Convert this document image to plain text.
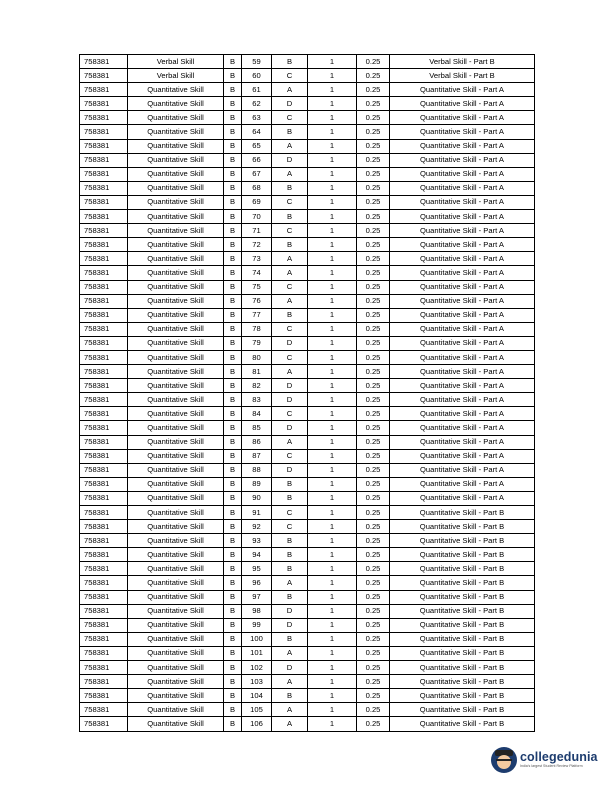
758381	Verbal Skill	B	59	B	1	0.25	Verbal Skill - Part B
758381	Verbal Skill	B	60	C	1	0.25	Verbal Skill - Part B
758381	Quantitative Skill	B	61	A	1	0.25	Quantitative Skill - Part A
758381	Quantitative Skill	B	62	D	1	0.25	Quantitative Skill - Part A
758381	Quantitative Skill	B	63	C	1	0.25	Quantitative Skill - Part A
758381	Quantitative Skill	B	64	B	1	0.25	Quantitative Skill - Part A
758381	Quantitative Skill	B	65	A	1	0.25	Quantitative Skill - Part A
758381	Quantitative Skill	B	66	D	1	0.25	Quantitative Skill - Part A
758381	Quantitative Skill	B	67	A	1	0.25	Quantitative Skill - Part A
758381	Quantitative Skill	B	68	B	1	0.25	Quantitative Skill - Part A
758381	Quantitative Skill	B	69	C	1	0.25	Quantitative Skill - Part A
758381	Quantitative Skill	B	70	B	1	0.25	Quantitative Skill - Part A
758381	Quantitative Skill	B	71	C	1	0.25	Quantitative Skill - Part A
758381	Quantitative Skill	B	72	B	1	0.25	Quantitative Skill - Part A
758381	Quantitative Skill	B	73	A	1	0.25	Quantitative Skill - Part A
758381	Quantitative Skill	B	74	A	1	0.25	Quantitative Skill - Part A
758381	Quantitative Skill	B	75	C	1	0.25	Quantitative Skill - Part A
758381	Quantitative Skill	B	76	A	1	0.25	Quantitative Skill - Part A
758381	Quantitative Skill	B	77	B	1	0.25	Quantitative Skill - Part A
758381	Quantitative Skill	B	78	C	1	0.25	Quantitative Skill - Part A
758381	Quantitative Skill	B	79	D	1	0.25	Quantitative Skill - Part A
758381	Quantitative Skill	B	80	C	1	0.25	Quantitative Skill - Part A
758381	Quantitative Skill	B	81	A	1	0.25	Quantitative Skill - Part A
758381	Quantitative Skill	B	82	D	1	0.25	Quantitative Skill - Part A
758381	Quantitative Skill	B	83	D	1	0.25	Quantitative Skill - Part A
758381	Quantitative Skill	B	84	C	1	0.25	Quantitative Skill - Part A
758381	Quantitative Skill	B	85	D	1	0.25	Quantitative Skill - Part A
758381	Quantitative Skill	B	86	A	1	0.25	Quantitative Skill - Part A
758381	Quantitative Skill	B	87	C	1	0.25	Quantitative Skill - Part A
758381	Quantitative Skill	B	88	D	1	0.25	Quantitative Skill - Part A
758381	Quantitative Skill	B	89	B	1	0.25	Quantitative Skill - Part A
758381	Quantitative Skill	B	90	B	1	0.25	Quantitative Skill - Part A
758381	Quantitative Skill	B	91	C	1	0.25	Quantitative Skill - Part B
758381	Quantitative Skill	B	92	C	1	0.25	Quantitative Skill - Part B
758381	Quantitative Skill	B	93	B	1	0.25	Quantitative Skill - Part B
758381	Quantitative Skill	B	94	B	1	0.25	Quantitative Skill - Part B
758381	Quantitative Skill	B	95	B	1	0.25	Quantitative Skill - Part B
758381	Quantitative Skill	B	96	A	1	0.25	Quantitative Skill - Part B
758381	Quantitative Skill	B	97	B	1	0.25	Quantitative Skill - Part B
758381	Quantitative Skill	B	98	D	1	0.25	Quantitative Skill - Part B
758381	Quantitative Skill	B	99	D	1	0.25	Quantitative Skill - Part B
758381	Quantitative Skill	B	100	B	1	0.25	Quantitative Skill - Part B
758381	Quantitative Skill	B	101	A	1	0.25	Quantitative Skill - Part B
758381	Quantitative Skill	B	102	D	1	0.25	Quantitative Skill - Part B
758381	Quantitative Skill	B	103	A	1	0.25	Quantitative Skill - Part B
758381	Quantitative Skill	B	104	B	1	0.25	Quantitative Skill - Part B
758381	Quantitative Skill	B	105	A	1	0.25	Quantitative Skill - Part B
758381	Quantitative Skill	B	106	A	1	0.25	Quantitative Skill - Part B
collegedunia
India's largest Student Review Platform
